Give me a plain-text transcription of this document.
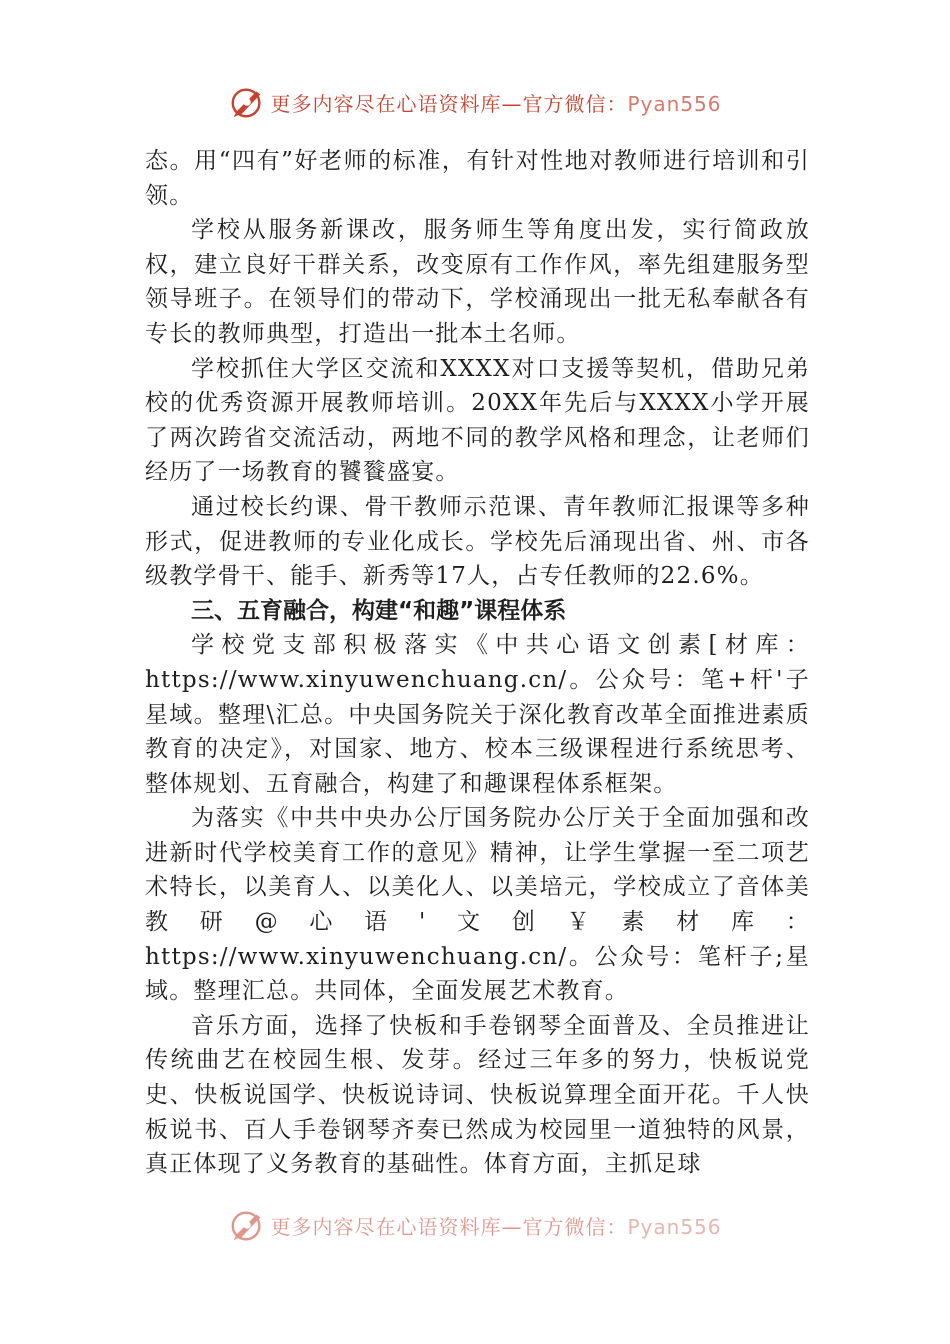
更多内容尽在心语资料库—官方微信：Pyan556

态。用“四有”好老师的标准，有针对性地对教师进行培训和引领。

学校从服务新课改，服务师生等角度出发，实行简政放权，建立良好干群关系，改变原有工作作风，率先组建服务型领导班子。在领导们的带动下，学校涌现出一批无私奉献各有专长的教师典型，打造出一批本土名师。

学校抓住大学区交流和XXXX对口支援等契机，借助兄弟校的优秀资源开展教师培训。20XX年先后与XXXX小学开展了两次跨省交流活动，两地不同的教学风格和理念，让老师们经历了一场教育的饕餮盛宴。

通过校长约课、骨干教师示范课、青年教师汇报课等多种形式，促进教师的专业化成长。学校先后涌现出省、州、市各级教学骨干、能手、新秀等17人，占专任教师的22.6%。

三、五育融合，构建“和趣”课程体系

学校党支部积极落实《中共心语文创素[材库：https://www.xinyuwenchuang.cn/。公众号：笔+杆'子星域。整理\汇总。中央国务院关于深化教育改革全面推进素质教育的决定》，对国家、地方、校本三级课程进行系统思考、整体规划、五育融合，构建了和趣课程体系框架。

为落实《中共中央办公厅国务院办公厅关于全面加强和改进新时代学校美育工作的意见》精神，让学生掌握一至二项艺术特长，以美育人、以美化人、以美培元，学校成立了音体美教研@心语'文创￥素材库：https://www.xinyuwenchuang.cn/。公众号：笔杆子;星域。整理汇总。共同体，全面发展艺术教育。

音乐方面，选择了快板和手卷钢琴全面普及、全员推进让传统曲艺在校园生根、发芽。经过三年多的努力，快板说党史、快板说国学、快板说诗词、快板说算理全面开花。千人快板说书、百人手卷钢琴齐奏已然成为校园里一道独特的风景，真正体现了义务教育的基础性。体育方面，主抓足球

更多内容尽在心语资料库—官方微信：Pyan556
